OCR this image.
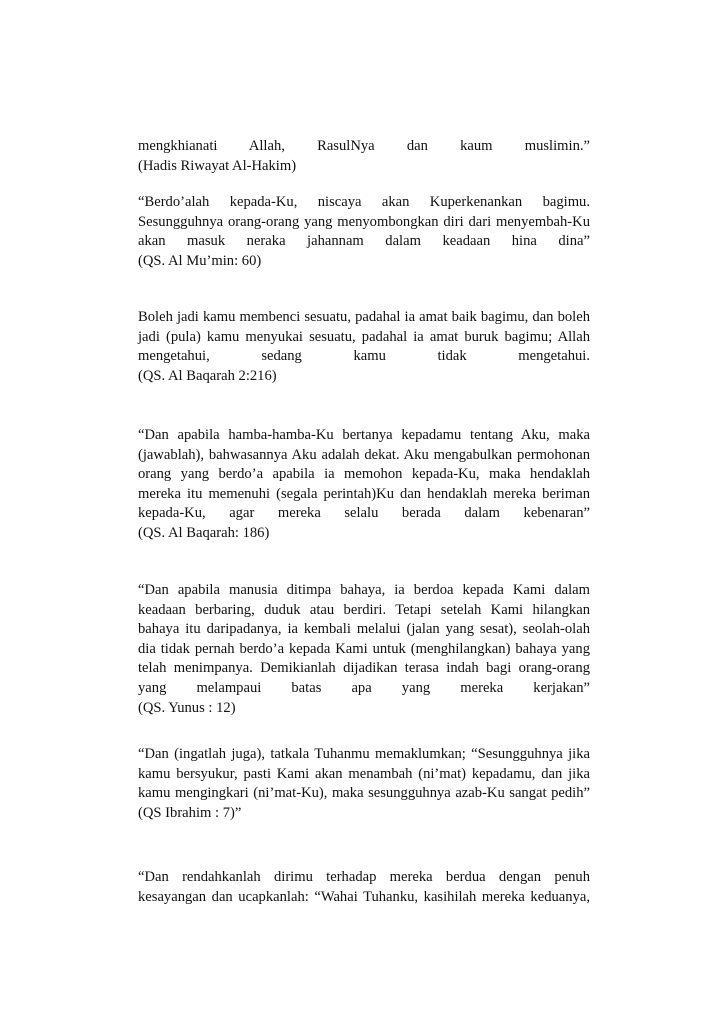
mengkhianati Allah, RasulNya dan kaum muslimin.”
(Hadis Riwayat Al-Hakim)
“Berdo’alah kepada-Ku, niscaya akan Kuperkenankan bagimu.
Sesungguhnya orang-orang yang menyombongkan diri dari menyembah-Ku
akan masuk neraka jahannam dalam keadaan hina dina”
(QS. Al Mu’min: 60)
Boleh jadi kamu membenci sesuatu, padahal ia amat baik bagimu, dan boleh
jadi (pula) kamu menyukai sesuatu, padahal ia amat buruk bagimu; Allah
mengetahui, sedang kamu tidak mengetahui.
(QS. Al Baqarah 2:216)
“Dan apabila hamba-hamba-Ku bertanya kepadamu tentang Aku, maka
(jawablah), bahwasannya Aku adalah dekat. Aku mengabulkan permohonan
orang yang berdo’a apabila ia memohon kepada-Ku, maka hendaklah
mereka itu memenuhi (segala perintah)Ku dan hendaklah mereka beriman
kepada-Ku, agar mereka selalu berada dalam kebenaran”
(QS. Al Baqarah: 186)
“Dan apabila manusia ditimpa bahaya, ia berdoa kepada Kami dalam
keadaan berbaring, duduk atau berdiri. Tetapi setelah Kami hilangkan
bahaya itu daripadanya, ia kembali melalui (jalan yang sesat), seolah-olah
dia tidak pernah berdo’a kepada Kami untuk (menghilangkan) bahaya yang
telah menimpanya. Demikianlah dijadikan terasa indah bagi orang-orang
yang melampaui batas apa yang mereka kerjakan”
(QS. Yunus : 12)
“Dan (ingatlah juga), tatkala Tuhanmu memaklumkan; “Sesungguhnya jika
kamu bersyukur, pasti Kami akan menambah (ni’mat) kepadamu, dan jika
kamu mengingkari (ni’mat-Ku), maka sesungguhnya azab-Ku sangat pedih”
(QS Ibrahim : 7)”
“Dan rendahkanlah dirimu terhadap mereka berdua dengan penuh
kesayangan dan ucapkanlah: “Wahai Tuhanku, kasihilah mereka keduanya,
